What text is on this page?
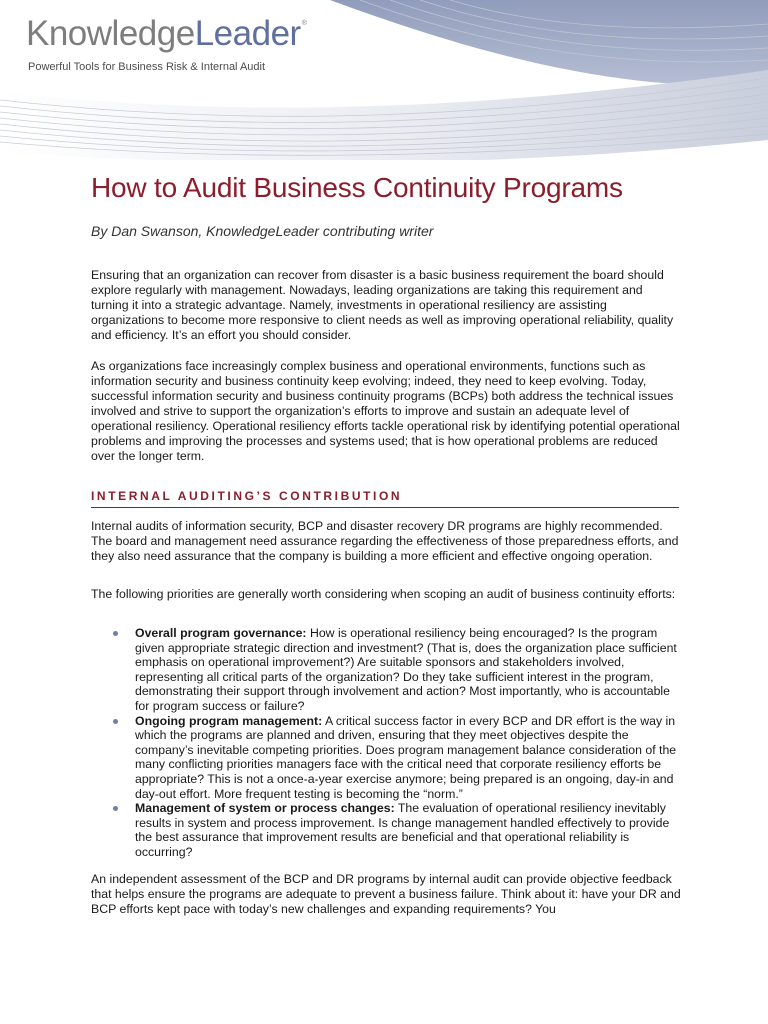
KnowledgeLeader®
Powerful Tools for Business Risk & Internal Audit
How to Audit Business Continuity Programs

By Dan Swanson, KnowledgeLeader contributing writer

Ensuring that an organization can recover from disaster is a basic business requirement the board should explore regularly with management. Nowadays, leading organizations are taking this requirement and turning it into a strategic advantage. Namely, investments in operational resiliency are assisting organizations to become more responsive to client needs as well as improving operational reliability, quality and efficiency. It’s an effort you should consider.

As organizations face increasingly complex business and operational environments, functions such as information security and business continuity keep evolving; indeed, they need to keep evolving. Today, successful information security and business continuity programs (BCPs) both address the technical issues involved and strive to support the organization’s efforts to improve and sustain an adequate level of operational resiliency. Operational resiliency efforts tackle operational risk by identifying potential operational problems and improving the processes and systems used; that is how operational problems are reduced over the longer term.

INTERNAL AUDITING’S CONTRIBUTION

Internal audits of information security, BCP and disaster recovery DR programs are highly recommended. The board and management need assurance regarding the effectiveness of those preparedness efforts, and they also need assurance that the company is building a more efficient and effective ongoing operation.

The following priorities are generally worth considering when scoping an audit of business continuity efforts:

Overall program governance: How is operational resiliency being encouraged? Is the program given appropriate strategic direction and investment? (That is, does the organization place sufficient emphasis on operational improvement?) Are suitable sponsors and stakeholders involved, representing all critical parts of the organization? Do they take sufficient interest in the program, demonstrating their support through involvement and action? Most importantly, who is accountable for program success or failure?
Ongoing program management: A critical success factor in every BCP and DR effort is the way in which the programs are planned and driven, ensuring that they meet objectives despite the company’s inevitable competing priorities. Does program management balance consideration of the many conflicting priorities managers face with the critical need that corporate resiliency efforts be appropriate? This is not a once-a-year exercise anymore; being prepared is an ongoing, day-in and day-out effort. More frequent testing is becoming the “norm.”
Management of system or process changes: The evaluation of operational resiliency inevitably results in system and process improvement. Is change management handled effectively to provide the best assurance that improvement results are beneficial and that operational reliability is occurring?

An independent assessment of the BCP and DR programs by internal audit can provide objective feedback that helps ensure the programs are adequate to prevent a business failure. Think about it: have your DR and BCP efforts kept pace with today’s new challenges and expanding requirements? You
